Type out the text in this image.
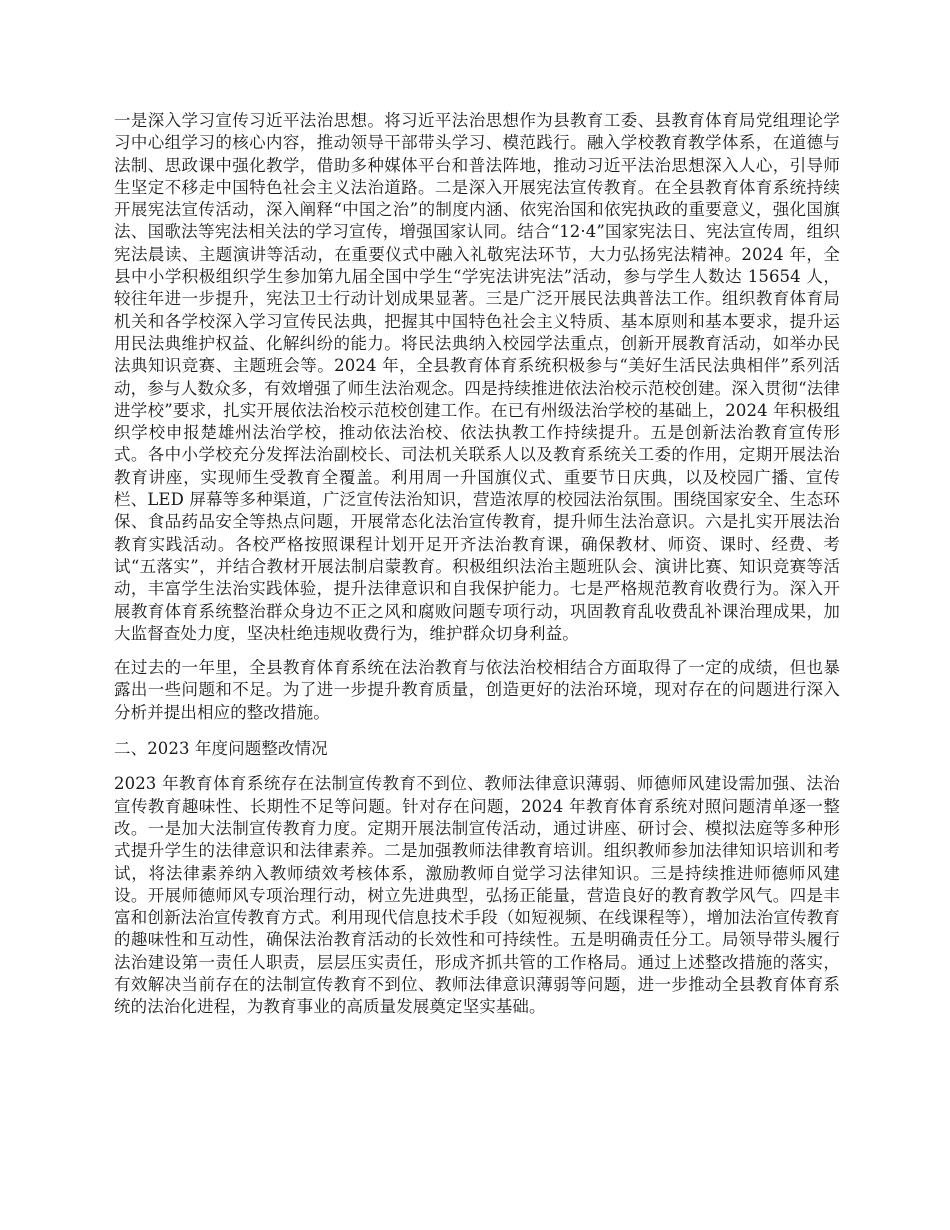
一是深入学习宣传习近平法治思想。将习近平法治思想作为县教育工委、县教育体育局党组理论学习中心组学习的核心内容，推动领导干部带头学习、模范践行。融入学校教育教学体系，在道德与法制、思政课中强化教学，借助多种媒体平台和普法阵地，推动习近平法治思想深入人心，引导师生坚定不移走中国特色社会主义法治道路。二是深入开展宪法宣传教育。在全县教育体育系统持续开展宪法宣传活动，深入阐释“中国之治”的制度内涵、依宪治国和依宪执政的重要意义，强化国旗法、国歌法等宪法相关法的学习宣传，增强国家认同。结合“12·4”国家宪法日、宪法宣传周，组织宪法晨读、主题演讲等活动，在重要仪式中融入礼敬宪法环节，大力弘扬宪法精神。2024 年，全县中小学积极组织学生参加第九届全国中学生“学宪法讲宪法”活动，参与学生人数达 15654 人，较往年进一步提升，宪法卫士行动计划成果显著。三是广泛开展民法典普法工作。组织教育体育局机关和各学校深入学习宣传民法典，把握其中国特色社会主义特质、基本原则和基本要求，提升运用民法典维护权益、化解纠纷的能力。将民法典纳入校园学法重点，创新开展教育活动，如举办民法典知识竞赛、主题班会等。2024 年，全县教育体育系统积极参与“美好生活民法典相伴”系列活动，参与人数众多，有效增强了师生法治观念。四是持续推进依法治校示范校创建。深入贯彻“法律进学校”要求，扎实开展依法治校示范校创建工作。在已有州级法治学校的基础上，2024 年积极组织学校申报楚雄州法治学校，推动依法治校、依法执教工作持续提升。五是创新法治教育宣传形式。各中小学校充分发挥法治副校长、司法机关联系人以及教育系统关工委的作用，定期开展法治教育讲座，实现师生受教育全覆盖。利用周一升国旗仪式、重要节日庆典，以及校园广播、宣传栏、LED 屏幕等多种渠道，广泛宣传法治知识，营造浓厚的校园法治氛围。围绕国家安全、生态环保、食品药品安全等热点问题，开展常态化法治宣传教育，提升师生法治意识。六是扎实开展法治教育实践活动。各校严格按照课程计划开足开齐法治教育课，确保教材、师资、课时、经费、考试“五落实”，并结合教材开展法制启蒙教育。积极组织法治主题班队会、演讲比赛、知识竞赛等活动，丰富学生法治实践体验，提升法律意识和自我保护能力。七是严格规范教育收费行为。深入开展教育体育系统整治群众身边不正之风和腐败问题专项行动，巩固教育乱收费乱补课治理成果，加大监督查处力度，坚决杜绝违规收费行为，维护群众切身利益。

在过去的一年里，全县教育体育系统在法治教育与依法治校相结合方面取得了一定的成绩，但也暴露出一些问题和不足。为了进一步提升教育质量，创造更好的法治环境，现对存在的问题进行深入分析并提出相应的整改措施。

二、2023 年度问题整改情况

2023 年教育体育系统存在法制宣传教育不到位、教师法律意识薄弱、师德师风建设需加强、法治宣传教育趣味性、长期性不足等问题。针对存在问题，2024 年教育体育系统对照问题清单逐一整改。一是加大法制宣传教育力度。定期开展法制宣传活动，通过讲座、研讨会、模拟法庭等多种形式提升学生的法律意识和法律素养。二是加强教师法律教育培训。组织教师参加法律知识培训和考试，将法律素养纳入教师绩效考核体系，激励教师自觉学习法律知识。三是持续推进师德师风建设。开展师德师风专项治理行动，树立先进典型，弘扬正能量，营造良好的教育教学风气。四是丰富和创新法治宣传教育方式。利用现代信息技术手段（如短视频、在线课程等），增加法治宣传教育的趣味性和互动性，确保法治教育活动的长效性和可持续性。五是明确责任分工。局领导带头履行法治建设第一责任人职责，层层压实责任，形成齐抓共管的工作格局。通过上述整改措施的落实，有效解决当前存在的法制宣传教育不到位、教师法律意识薄弱等问题，进一步推动全县教育体育系统的法治化进程，为教育事业的高质量发展奠定坚实基础。
